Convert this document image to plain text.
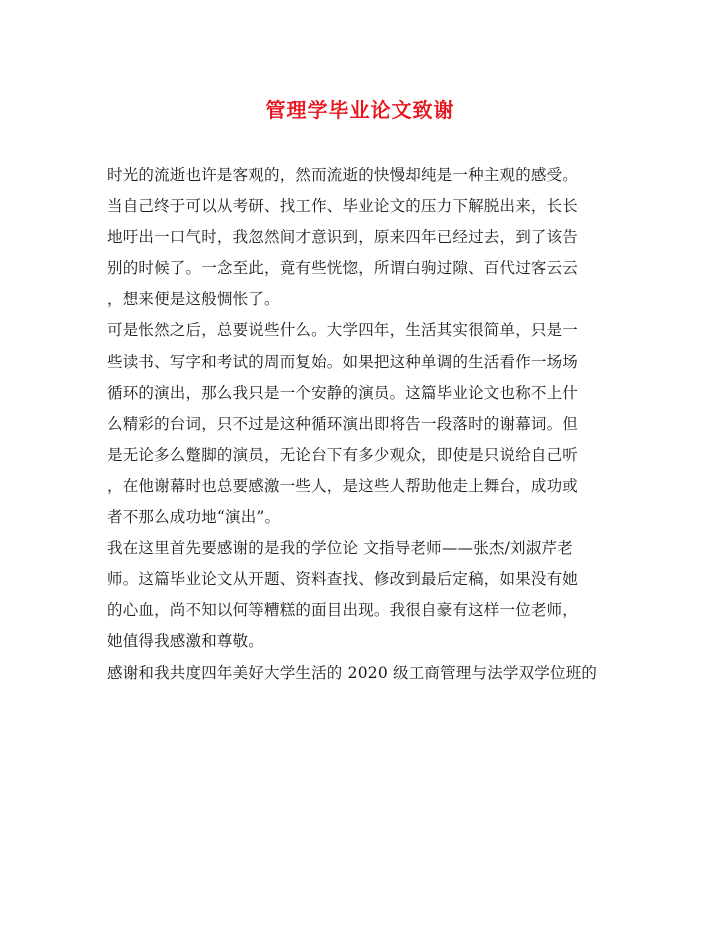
管理学毕业论文致谢
时光的流逝也许是客观的，然而流逝的快慢却纯是一种主观的感受。
当自己终于可以从考研、找工作、毕业论文的压力下解脱出来，长长
地吁出一口气时，我忽然间才意识到，原来四年已经过去，到了该告
别的时候了。一念至此，竟有些恍惚，所谓白驹过隙、百代过客云云
，想来便是这般惆怅了。
可是怅然之后，总要说些什么。大学四年，生活其实很简单，只是一
些读书、写字和考试的周而复始。如果把这种单调的生活看作一场场
循环的演出，那么我只是一个安静的演员。这篇毕业论文也称不上什
么精彩的台词，只不过是这种循环演出即将告一段落时的谢幕词。但
是无论多么蹩脚的演员，无论台下有多少观众，即使是只说给自己听
，在他谢幕时也总要感激一些人，是这些人帮助他走上舞台，成功或
者不那么成功地“演出”。
我在这里首先要感谢的是我的学位论 文指导老师——张杰/刘淑芹老
师。这篇毕业论文从开题、资料查找、修改到最后定稿，如果没有她
的心血，尚不知以何等糟糕的面目出现。我很自豪有这样一位老师，
她值得我感激和尊敬。
感谢和我共度四年美好大学生活的 2020 级工商管理与法学双学位班的
